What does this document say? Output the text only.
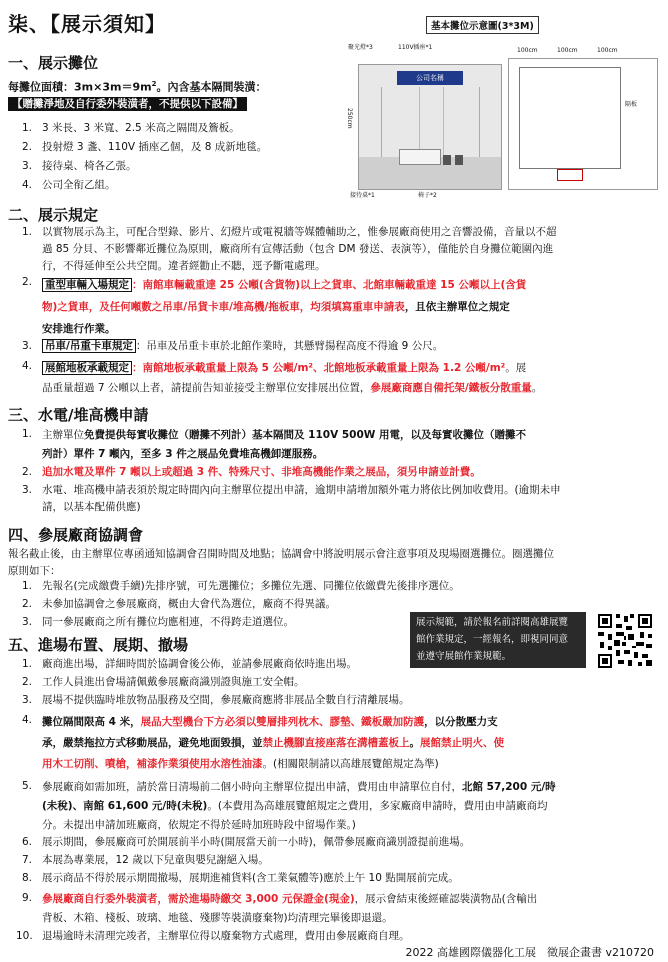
柒、【展示須知】	基本攤位示意圖(3*3M)
聚光燈*3	110V插座*1
公司名稱
250cm
接待桌*1	椅子*2
100cm	100cm	100cm
隔板
一、展示攤位
每攤位面積：$3m\times 3m=9m^2$。內含基本隔間裝潢：
【贈攤淨地及自行委外裝潢者，不提供以下設備】
1. 3 米長、3 米寬、2.5 米高之隔間及簷板。
2. 投射燈 3 盞、110V 插座乙個，及 8 成新地毯。
3. 接待桌、椅各乙張。
4. 公司全衔乙組。
二、展示規定
1. 以實物展示為主，可配合型錄、影片、幻燈片或電視牆等媒體輔助之，惟參展廠商使用之音響設備，音量以不超
過 85 分貝、不影響鄰近攤位為原則，廠商所有宣傳活動（包含 DM 發送、表演等），僅能於自身攤位範圍內進
行，不得延伸至公共空間。違者經勸止不聽，逕予斷電處理。
2. 重型車輛入場規定 ：南館車輛載重達 25 公噸(含貨物)以上之貨車、北館車輛載重達 15 公噸以上(含貨
物)之貨車，及任何噸數之吊車/吊貨卡車/堆高機/拖板車，均須填寫重車申請表，且依主辦單位之規定
安排進行作業。
3. 吊車/吊重卡車規定 ：吊車及吊重卡車於北館作業時，其懸臂揚程高度不得逾 9 公尺。
4. 展館地板承載規定 ：南館地板承載重量上限為 5 公噸/m²、北館地板承載重量上限為 1.2 公噸/m²。展
品重量超過 7 公噸以上者，請提前告知並接受主辦單位安排展出位置，參展廠商應自備托架/鐵板分散重量。
三、水電/堆高機申請
1. 主辦單位免費提供每實收攤位（贈攤不列計）基本隔間及 110V 500W 用電，以及每實收攤位（贈攤不
列計）單件 7 噸內，至多 3 件之展品免費堆高機卸運服務。
2. 追加水電及單件 7 噸以上或超過 3 件、特殊尺寸、非堆高機能作業之展品，須另申請並計費。
3. 水電、堆高機申請表須於規定時間內向主辦單位提出申請，逾期申請增加額外電力將依比例加收費用。(逾期未申
請，以基本配備供應)
四、參展廠商協調會
報名截止後，由主辦單位專函通知協調會召開時間及地點；協調會中將說明展示會注意事項及現場圈選攤位。圈選攤位
原則如下：
1. 先報名(完成繳費手續)先排序號，可先選攤位；多攤位先選、同攤位依繳費先後排序選位。
2. 未參加協調會之參展廠商，概由大會代為選位，廠商不得異議。
3. 同一參展廠商之所有攤位均應相連，不得跨走道選位。	展示規範，請於報名前詳閱高雄展覽
館作業規定，一經報名，即視同同意
並遵守展館作業規範。
五、進場布置、展期、撤場
1. 廠商進出場，詳細時間於協調會後公佈，並請參展廠商依時進出場。
2. 工作人員進出會場請佩戴參展廠商識別證與施工安全帽。
3. 展場不提供臨時堆放物品服務及空間，參展廠商應將非展品全數自行清離展場。
4. 攤位隔間限高 4 米，展品大型機台下方必須以雙層排列枕木、膠墊、鐵板嚴加防護，以分散壓力支
承，嚴禁拖拉方式移動展品，避免地面毀損，並禁止機腳直接座落在溝槽蓋板上。展館禁止明火、使
用木工切削、噴槍，補漆作業須使用水溶性油漆。(相關限制請以高雄展覽館規定為準)
5. 參展廠商如需加班，請於當日清場前二個小時向主辦單位提出申請，費用由申請單位自付，北館 57,200 元/時
(未稅)、南館 61,600 元/時(未稅)。(本費用為高雄展覽館規定之費用，多家廠商申請時，費用由申請廠商均
分。未提出申請加班廠商，依規定不得於延時加班時段中留場作業。)
6. 展示期間，參展廠商可於開展前半小時(開展當天前一小時)，佩帶參展廠商識別證提前進場。
7. 本展為專業展，12 歲以下兒童與嬰兒謝絕入場。
8. 展示商品不得於展示期間撤場，展期進補貨料(含工業氣體等)應於上午 10 點開展前完成。
9. 參展廠商自行委外裝潢者，需於進場時繳交 3,000 元保證金(現金)，展示會結束後經確認裝潢物品(含輸出
背板、木箱、棧板、玻璃、地毯、殘膠等裝潢廢棄物)均清理完畢後即退還。
10. 退場逾時未清理完竣者，主辦單位得以廢棄物方式處理，費用由參展廠商自理。
2022 高雄國際儀器化工展　徵展企畫書 v210720
